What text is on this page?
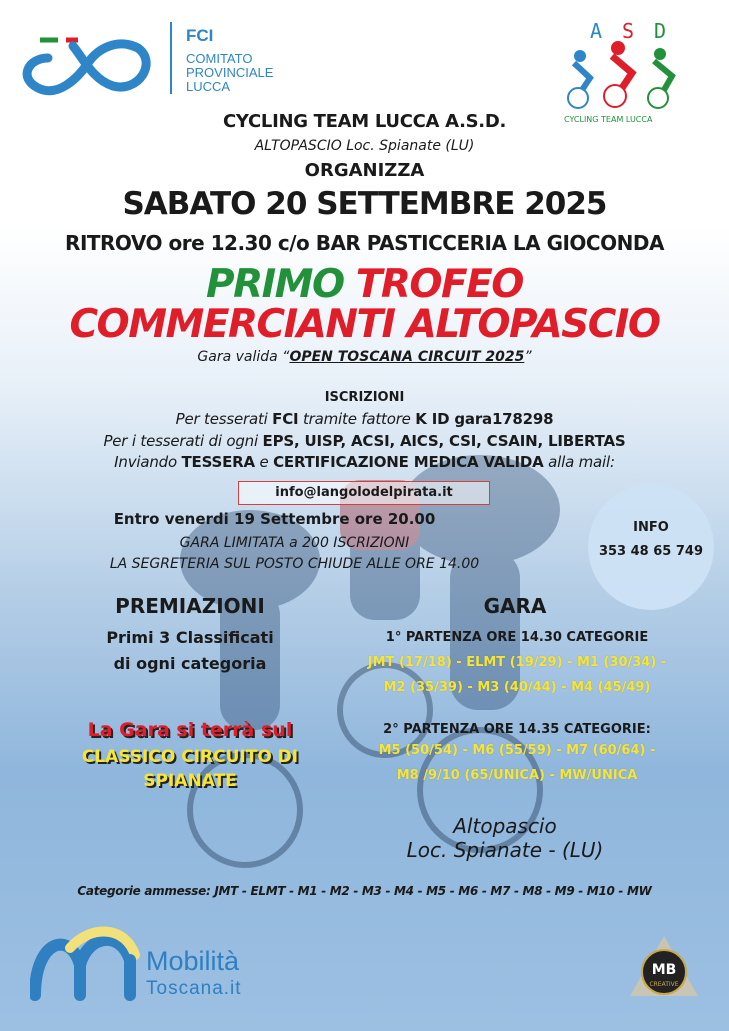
FCI
COMITATO
PROVINCIALE
LUCCA
A S D
CYCLING TEAM LUCCA
CYCLING TEAM LUCCA A.S.D.
ALTOPASCIO Loc. Spianate (LU)
ORGANIZZA
SABATO 20 SETTEMBRE 2025
RITROVO ore 12.30 c/o BAR PASTICCERIA LA GIOCONDA
PRIMO TROFEO
COMMERCIANTI ALTOPASCIO
Gara valida “OPEN TOSCANA CIRCUIT 2025”
ISCRIZIONI
Per tesserati FCI tramite fattore K ID gara178298
Per i tesserati di ogni EPS, UISP, ACSI, AICS, CSI, CSAIN, LIBERTAS
Inviando TESSERA e CERTIFICAZIONE MEDICA VALIDA alla mail:
info@langolodelpirata.it
Entro venerdi 19 Settembre ore 20.00
GARA LIMITATA a 200 ISCRIZIONI
LA SEGRETERIA SUL POSTO CHIUDE ALLE ORE 14.00
INFO
353 48 65 749
PREMIAZIONI
Primi 3 Classificati
di ogni categoria
GARA
1° PARTENZA ORE 14.30 CATEGORIE
JMT (17/18) - ELMT (19/29) - M1 (30/34) -
M2 (35/39) - M3 (40/44) - M4 (45/49)
2° PARTENZA ORE 14.35 CATEGORIE:
M5 (50/54) - M6 (55/59) - M7 (60/64) -
M8 /9/10 (65/UNICA) - MW/UNICA
La Gara si terrà sul
CLASSICO CIRCUITO DI
SPIANATE
Altopascio
Loc. Spianate - (LU)
Categorie ammesse: JMT - ELMT - M1 - M2 - M3 - M4 - M5 - M6 - M7 - M8 - M9 - M10 - MW
Mobilità
Toscana.it
MB
CREATIVE
